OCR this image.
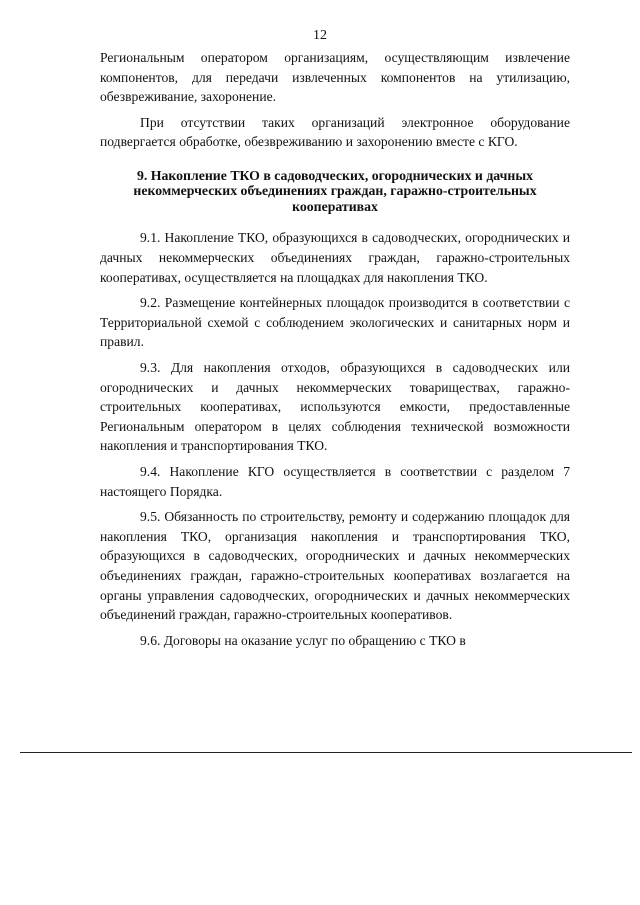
12

Региональным оператором организациям, осуществляющим извлечение компонентов, для передачи извлеченных компонентов на утилизацию, обезвреживание, захоронение.

При отсутствии таких организаций электронное оборудование подвергается обработке, обезвреживанию и захоронению вместе с КГО.

9. Накопление ТКО в садоводческих, огороднических и дачных некоммерческих объединениях граждан, гаражно-строительных кооперативах

9.1. Накопление ТКО, образующихся в садоводческих, огороднических и дачных некоммерческих объединениях граждан, гаражно-строительных кооперативах, осуществляется на площадках для накопления ТКО.

9.2. Размещение контейнерных площадок производится в соответствии с Территориальной схемой с соблюдением экологических и санитарных норм и правил.

9.3. Для накопления отходов, образующихся в садоводческих или огороднических и дачных некоммерческих товариществах, гаражно-строительных кооперативах, используются емкости, предоставленные Региональным оператором в целях соблюдения технической возможности накопления и транспортирования ТКО.

9.4. Накопление КГО осуществляется в соответствии с разделом 7 настоящего Порядка.

9.5. Обязанность по строительству, ремонту и содержанию площадок для накопления ТКО, организация накопления и транспортирования ТКО, образующихся в садоводческих, огороднических и дачных некоммерческих объединениях граждан, гаражно-строительных кооперативах возлагается на органы управления садоводческих, огороднических и дачных некоммерческих объединений граждан, гаражно-строительных кооперативов.

9.6. Договоры на оказание услуг по обращению с ТКО в
